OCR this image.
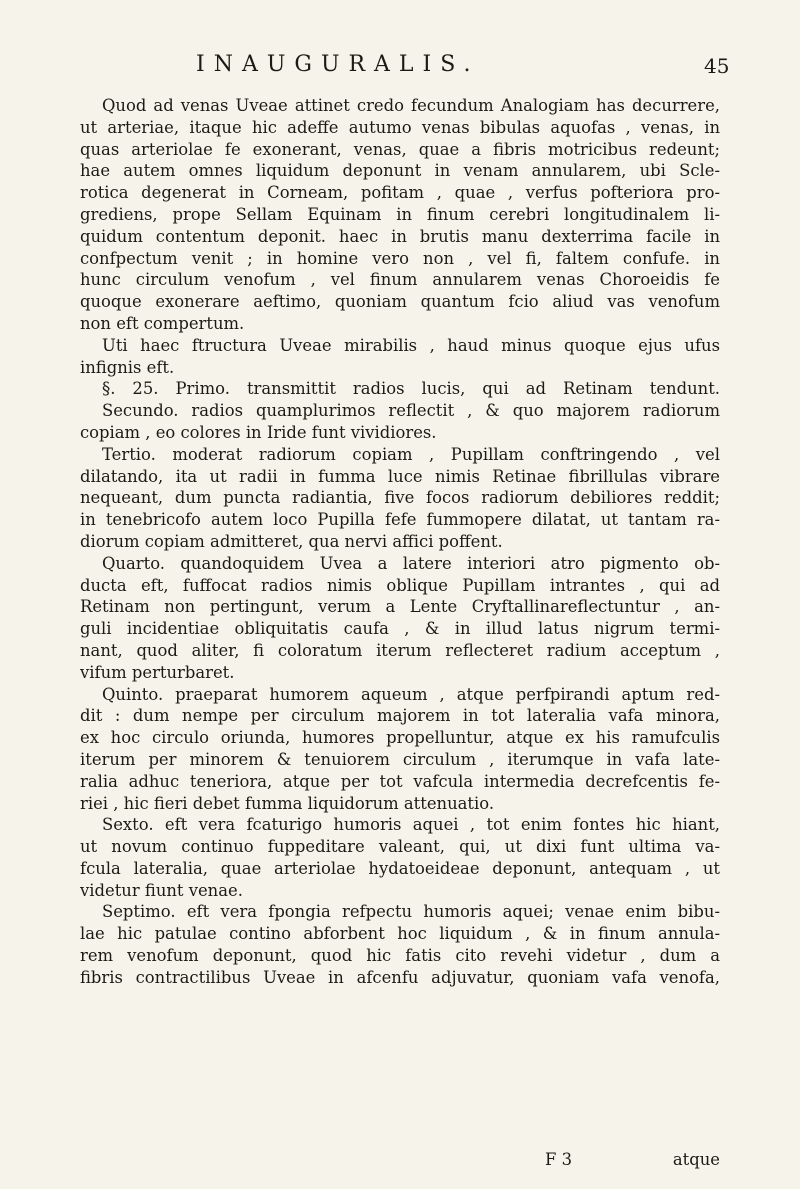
INAUGURALIS.	45
Quod ad venas Uveae attinet credo fecundum Analogiam has decurrere,
ut arteriae, itaque hic adeffe autumo venas bibulas aquofas , venas, in
quas arteriolae fe exonerant, venas, quae a fibris motricibus redeunt;
hae autem omnes liquidum deponunt in venam annularem, ubi Scle-
rotica degenerat in Corneam, pofitam , quae , verfus pofteriora pro-
grediens, prope Sellam Equinam in finum cerebri longitudinalem li-
quidum contentum deponit. haec in brutis manu dexterrima facile in
confpectum venit ; in homine vero non , vel fi, faltem confufe. in
hunc circulum venofum , vel finum annularem venas Choroeidis fe
quoque exonerare aeftimo, quoniam quantum fcio aliud vas venofum
non eft compertum.
Uti haec ftructura Uveae mirabilis , haud minus quoque ejus ufus
infignis eft.
§. 25. Primo. transmittit radios lucis, qui ad Retinam tendunt.
Secundo. radios quamplurimos reflectit , & quo majorem radiorum
copiam , eo colores in Iride funt vividiores.
Tertio. moderat radiorum copiam , Pupillam conftringendo , vel
dilatando, ita ut radii in fumma luce nimis Retinae fibrillulas vibrare
nequeant, dum puncta radiantia, five focos radiorum debiliores reddit;
in tenebricofo autem loco Pupilla fefe fummopere dilatat, ut tantam ra-
diorum copiam admitteret, qua nervi affici poffent.
Quarto. quandoquidem Uvea a latere interiori atro pigmento ob-
ducta eft, fuffocat radios nimis oblique Pupillam intrantes , qui ad
Retinam non pertingunt, verum a Lente Cryftallinareflectuntur , an-
guli incidentiae obliquitatis caufa , & in illud latus nigrum termi-
nant, quod aliter, fi coloratum iterum reflecteret radium acceptum ,
vifum perturbaret.
Quinto. praeparat humorem aqueum , atque perfpirandi aptum red-
dit : dum nempe per circulum majorem in tot lateralia vafa minora,
ex hoc circulo oriunda, humores propelluntur, atque ex his ramufculis
iterum per minorem & tenuiorem circulum , iterumque in vafa late-
ralia adhuc teneriora, atque per tot vafcula intermedia decrefcentis fe-
riei , hic fieri debet fumma liquidorum attenuatio.
Sexto. eft vera fcaturigo humoris aquei , tot enim fontes hic hiant,
ut novum continuo fuppeditare valeant, qui, ut dixi funt ultima va-
fcula lateralia, quae arteriolae hydatoeideae deponunt, antequam , ut
videtur fiunt venae.
Septimo. eft vera fpongia refpectu humoris aquei; venae enim bibu-
lae hic patulae contino abforbent hoc liquidum , & in finum annula-
rem venofum deponunt, quod hic fatis cito revehi videtur , dum a
fibris contractilibus Uveae in afcenfu adjuvatur, quoniam vafa venofa,
F 3	atque
